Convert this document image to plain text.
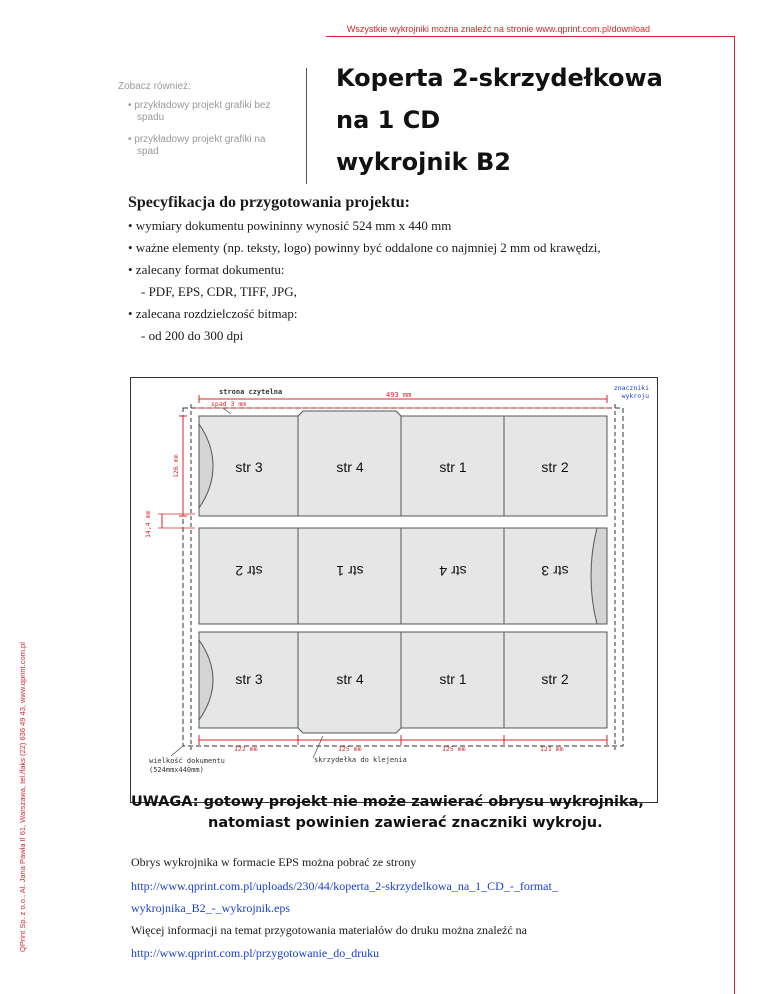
Wszystkie wykrojniki można znaleźć na stronie www.qprint.com.pl/download
QPrint Sp. z o.o., Al. Jana Pawła II 61, Warszawa, tel./faks (22) 636 49 43, www.qprint.com.pl
Zobacz również:
• przykładowy projekt grafiki bez
spadu
• przykładowy projekt grafiki na
spad
Koperta 2-skrzydełkowa
na 1 CD
wykrojnik B2
Specyfikacja do przygotowania projektu:
• wymiary dokumentu powininny wynosić 524 mm x 440 mm
• ważne elementy (np. teksty, logo) powinny być oddalone co najmniej 2 mm od krawędzi,
• zalecany format dokumentu:
- PDF, EPS, CDR, TIFF, JPG,
• zalecana rozdzielczość bitmap:
- od 200 do 300 dpi
str 3	str 4	str 1	str 2
str 2	str 1	str 4	str 3
str 3	str 4	str 1	str 2
strona czytelna	493 mm
spad 3 mm
znaczniki
wykroju
126 mm
14,4 mm
122 mm	125 mm	125 mm	121 mm
skrzydełka do klejenia
wielkość dokumentu
(524mmx440mm)
UWAGA: gotowy projekt nie może zawierać obrysu wykrojnika,
natomiast powinien zawierać znaczniki wykroju.
Obrys wykrojnika w formacie EPS można pobrać ze strony
http://www.qprint.com.pl/uploads/230/44/koperta_2-skrzydelkowa_na_1_CD_-_format_
wykrojnika_B2_-_wykrojnik.eps
Więcej informacji na temat przygotowania materiałów do druku można znaleźć na
http://www.qprint.com.pl/przygotowanie_do_druku
